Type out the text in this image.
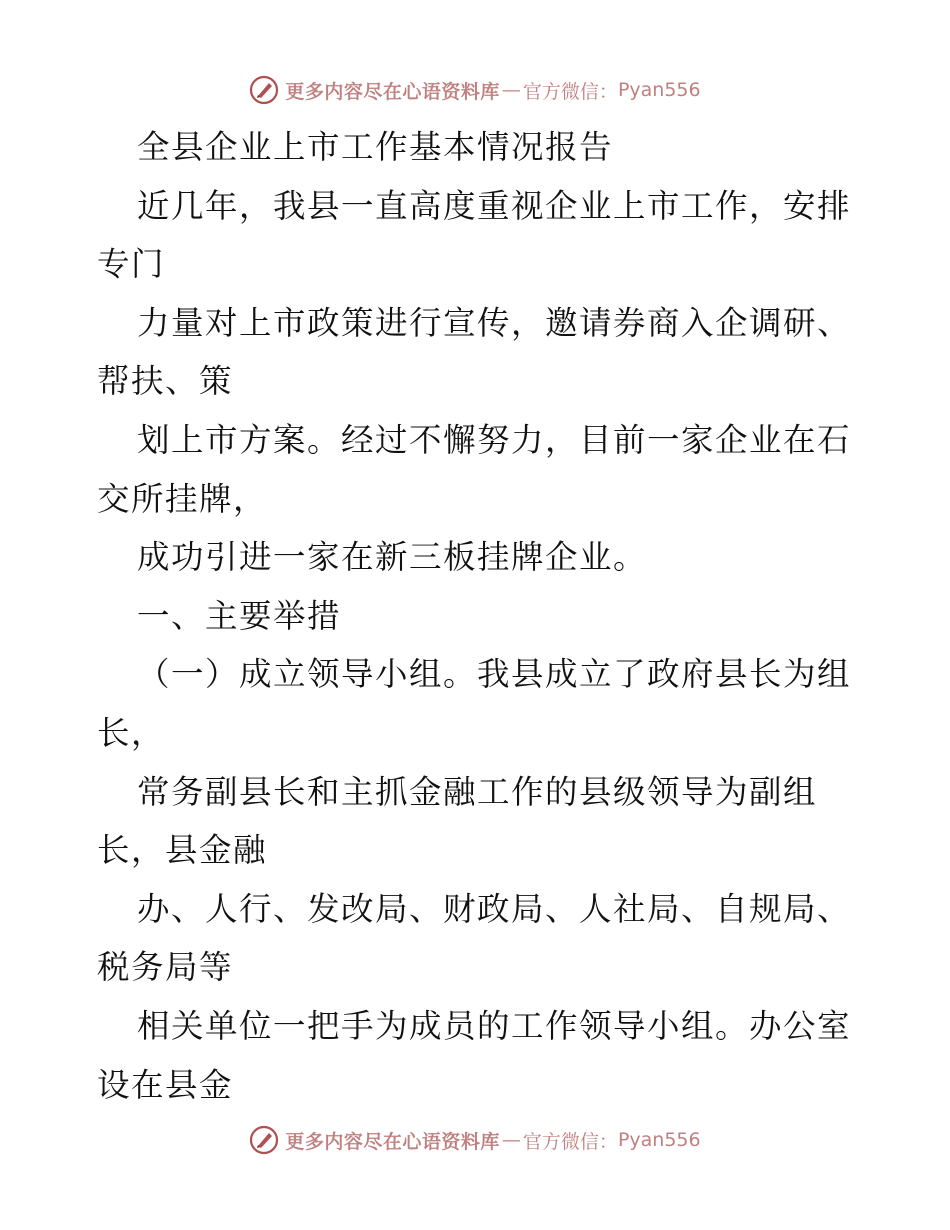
更多内容尽在心语资料库 — 官方微信： Pyan556
全县企业上市工作基本情况报告
近几年，我县一直高度重视企业上市工作，安排
专门
力量对上市政策进行宣传，邀请券商入企调研、
帮扶、策
划上市方案。经过不懈努力，目前一家企业在石
交所挂牌，
成功引进一家在新三板挂牌企业。
一、主要举措
（一）成立领导小组。我县成立了政府县长为组
长，
常务副县长和主抓金融工作的县级领导为副组
长，县金融
办、人行、发改局、财政局、人社局、自规局、
税务局等
相关单位一把手为成员的工作领导小组。办公室
设在县金
更多内容尽在心语资料库 — 官方微信： Pyan556
